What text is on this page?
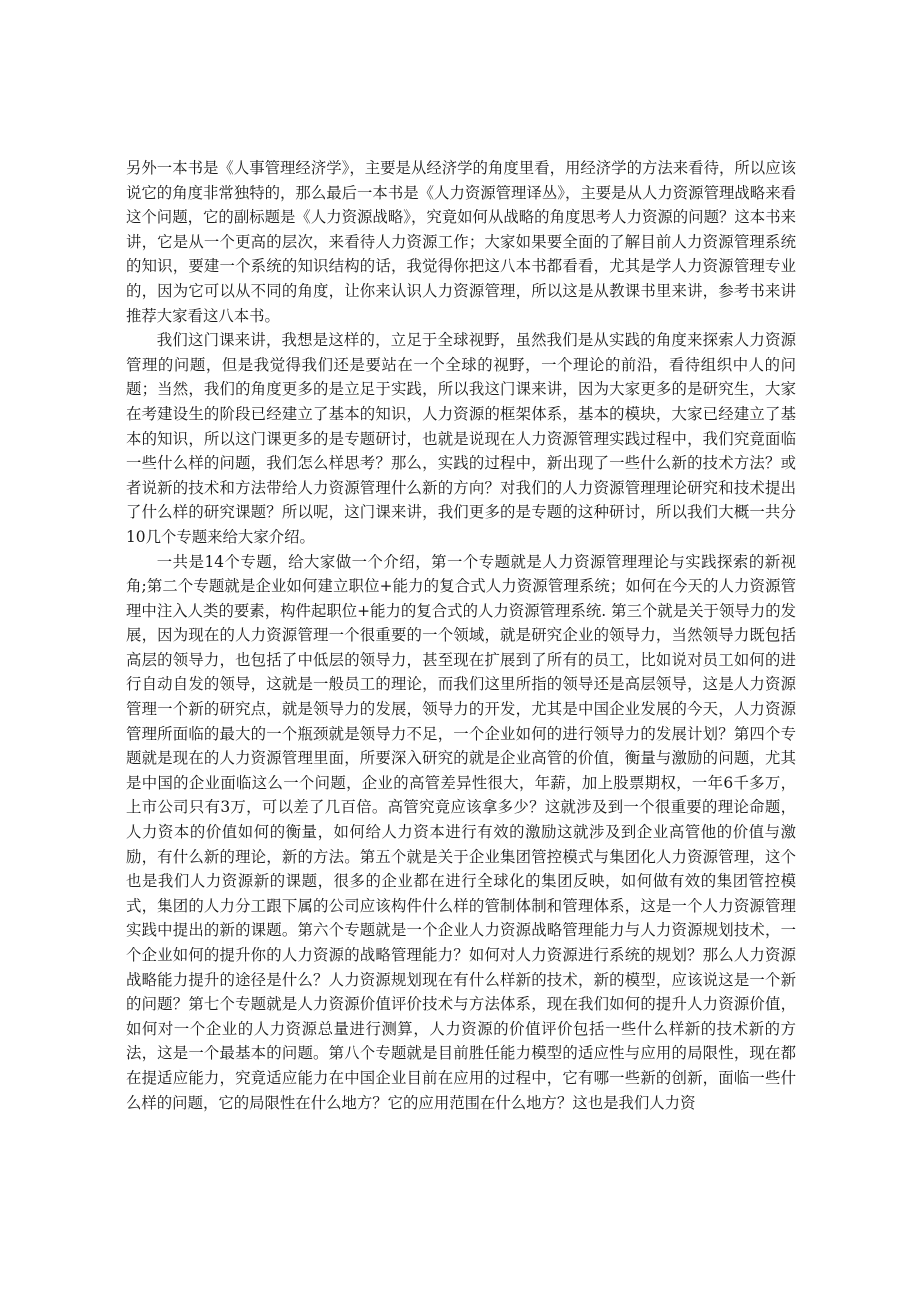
另外一本书是《人事管理经济学》，主要是从经济学的角度里看，用经济学的方法来看待，所以应该说它的角度非常独特的，那么最后一本书是《人力资源管理译丛》，主要是从人力资源管理战略来看这个问题，它的副标题是《人力资源战略》，究竟如何从战略的角度思考人力资源的问题？这本书来讲，它是从一个更高的层次，来看待人力资源工作；大家如果要全面的了解目前人力资源管理系统的知识，要建一个系统的知识结构的话，我觉得你把这八本书都看看，尤其是学人力资源管理专业的，因为它可以从不同的角度，让你来认识人力资源管理，所以这是从教课书里来讲，参考书来讲推荐大家看这八本书。

我们这门课来讲，我想是这样的，立足于全球视野，虽然我们是从实践的角度来探索人力资源管理的问题，但是我觉得我们还是要站在一个全球的视野，一个理论的前沿，看待组织中人的问题；当然，我们的角度更多的是立足于实践，所以我这门课来讲，因为大家更多的是研究生，大家在考建设生的阶段已经建立了基本的知识，人力资源的框架体系，基本的模块，大家已经建立了基本的知识，所以这门课更多的是专题研讨，也就是说现在人力资源管理实践过程中，我们究竟面临一些什么样的问题，我们怎么样思考？那么，实践的过程中，新出现了一些什么新的技术方法？或者说新的技术和方法带给人力资源管理什么新的方向？对我们的人力资源管理理论研究和技术提出了什么样的研究课题？所以呢，这门课来讲，我们更多的是专题的这种研讨，所以我们大概一共分10几个专题来给大家介绍。

一共是14个专题，给大家做一个介绍，第一个专题就是人力资源管理理论与实践探索的新视角;第二个专题就是企业如何建立职位+能力的复合式人力资源管理系统；如何在今天的人力资源管理中注入人类的要素，构件起职位+能力的复合式的人力资源管理系统. 第三个就是关于领导力的发展，因为现在的人力资源管理一个很重要的一个领域，就是研究企业的领导力，当然领导力既包括高层的领导力，也包括了中低层的领导力，甚至现在扩展到了所有的员工，比如说对员工如何的进行自动自发的领导，这就是一般员工的理论，而我们这里所指的领导还是高层领导，这是人力资源管理一个新的研究点，就是领导力的发展，领导力的开发，尤其是中国企业发展的今天，人力资源管理所面临的最大的一个瓶颈就是领导力不足，一个企业如何的进行领导力的发展计划？第四个专题就是现在的人力资源管理里面，所要深入研究的就是企业高管的价值，衡量与激励的问题，尤其是中国的企业面临这么一个问题，企业的高管差异性很大，年薪，加上股票期权，一年6千多万，上市公司只有3万，可以差了几百倍。高管究竟应该拿多少？这就涉及到一个很重要的理论命题，人力资本的价值如何的衡量，如何给人力资本进行有效的激励这就涉及到企业高管他的价值与激励，有什么新的理论，新的方法。第五个就是关于企业集团管控模式与集团化人力资源管理，这个也是我们人力资源新的课题，很多的企业都在进行全球化的集团反映，如何做有效的集团管控模式，集团的人力分工跟下属的公司应该构件什么样的管制体制和管理体系，这是一个人力资源管理实践中提出的新的课题。第六个专题就是一个企业人力资源战略管理能力与人力资源规划技术，一个企业如何的提升你的人力资源的战略管理能力？如何对人力资源进行系统的规划？那么人力资源战略能力提升的途径是什么？人力资源规划现在有什么样新的技术，新的模型，应该说这是一个新的问题？第七个专题就是人力资源价值评价技术与方法体系，现在我们如何的提升人力资源价值，如何对一个企业的人力资源总量进行测算，人力资源的价值评价包括一些什么样新的技术新的方法，这是一个最基本的问题。第八个专题就是目前胜任能力模型的适应性与应用的局限性，现在都在提适应能力，究竟适应能力在中国企业目前在应用的过程中，它有哪一些新的创新，面临一些什么样的问题，它的局限性在什么地方？它的应用范围在什么地方？这也是我们人力资
